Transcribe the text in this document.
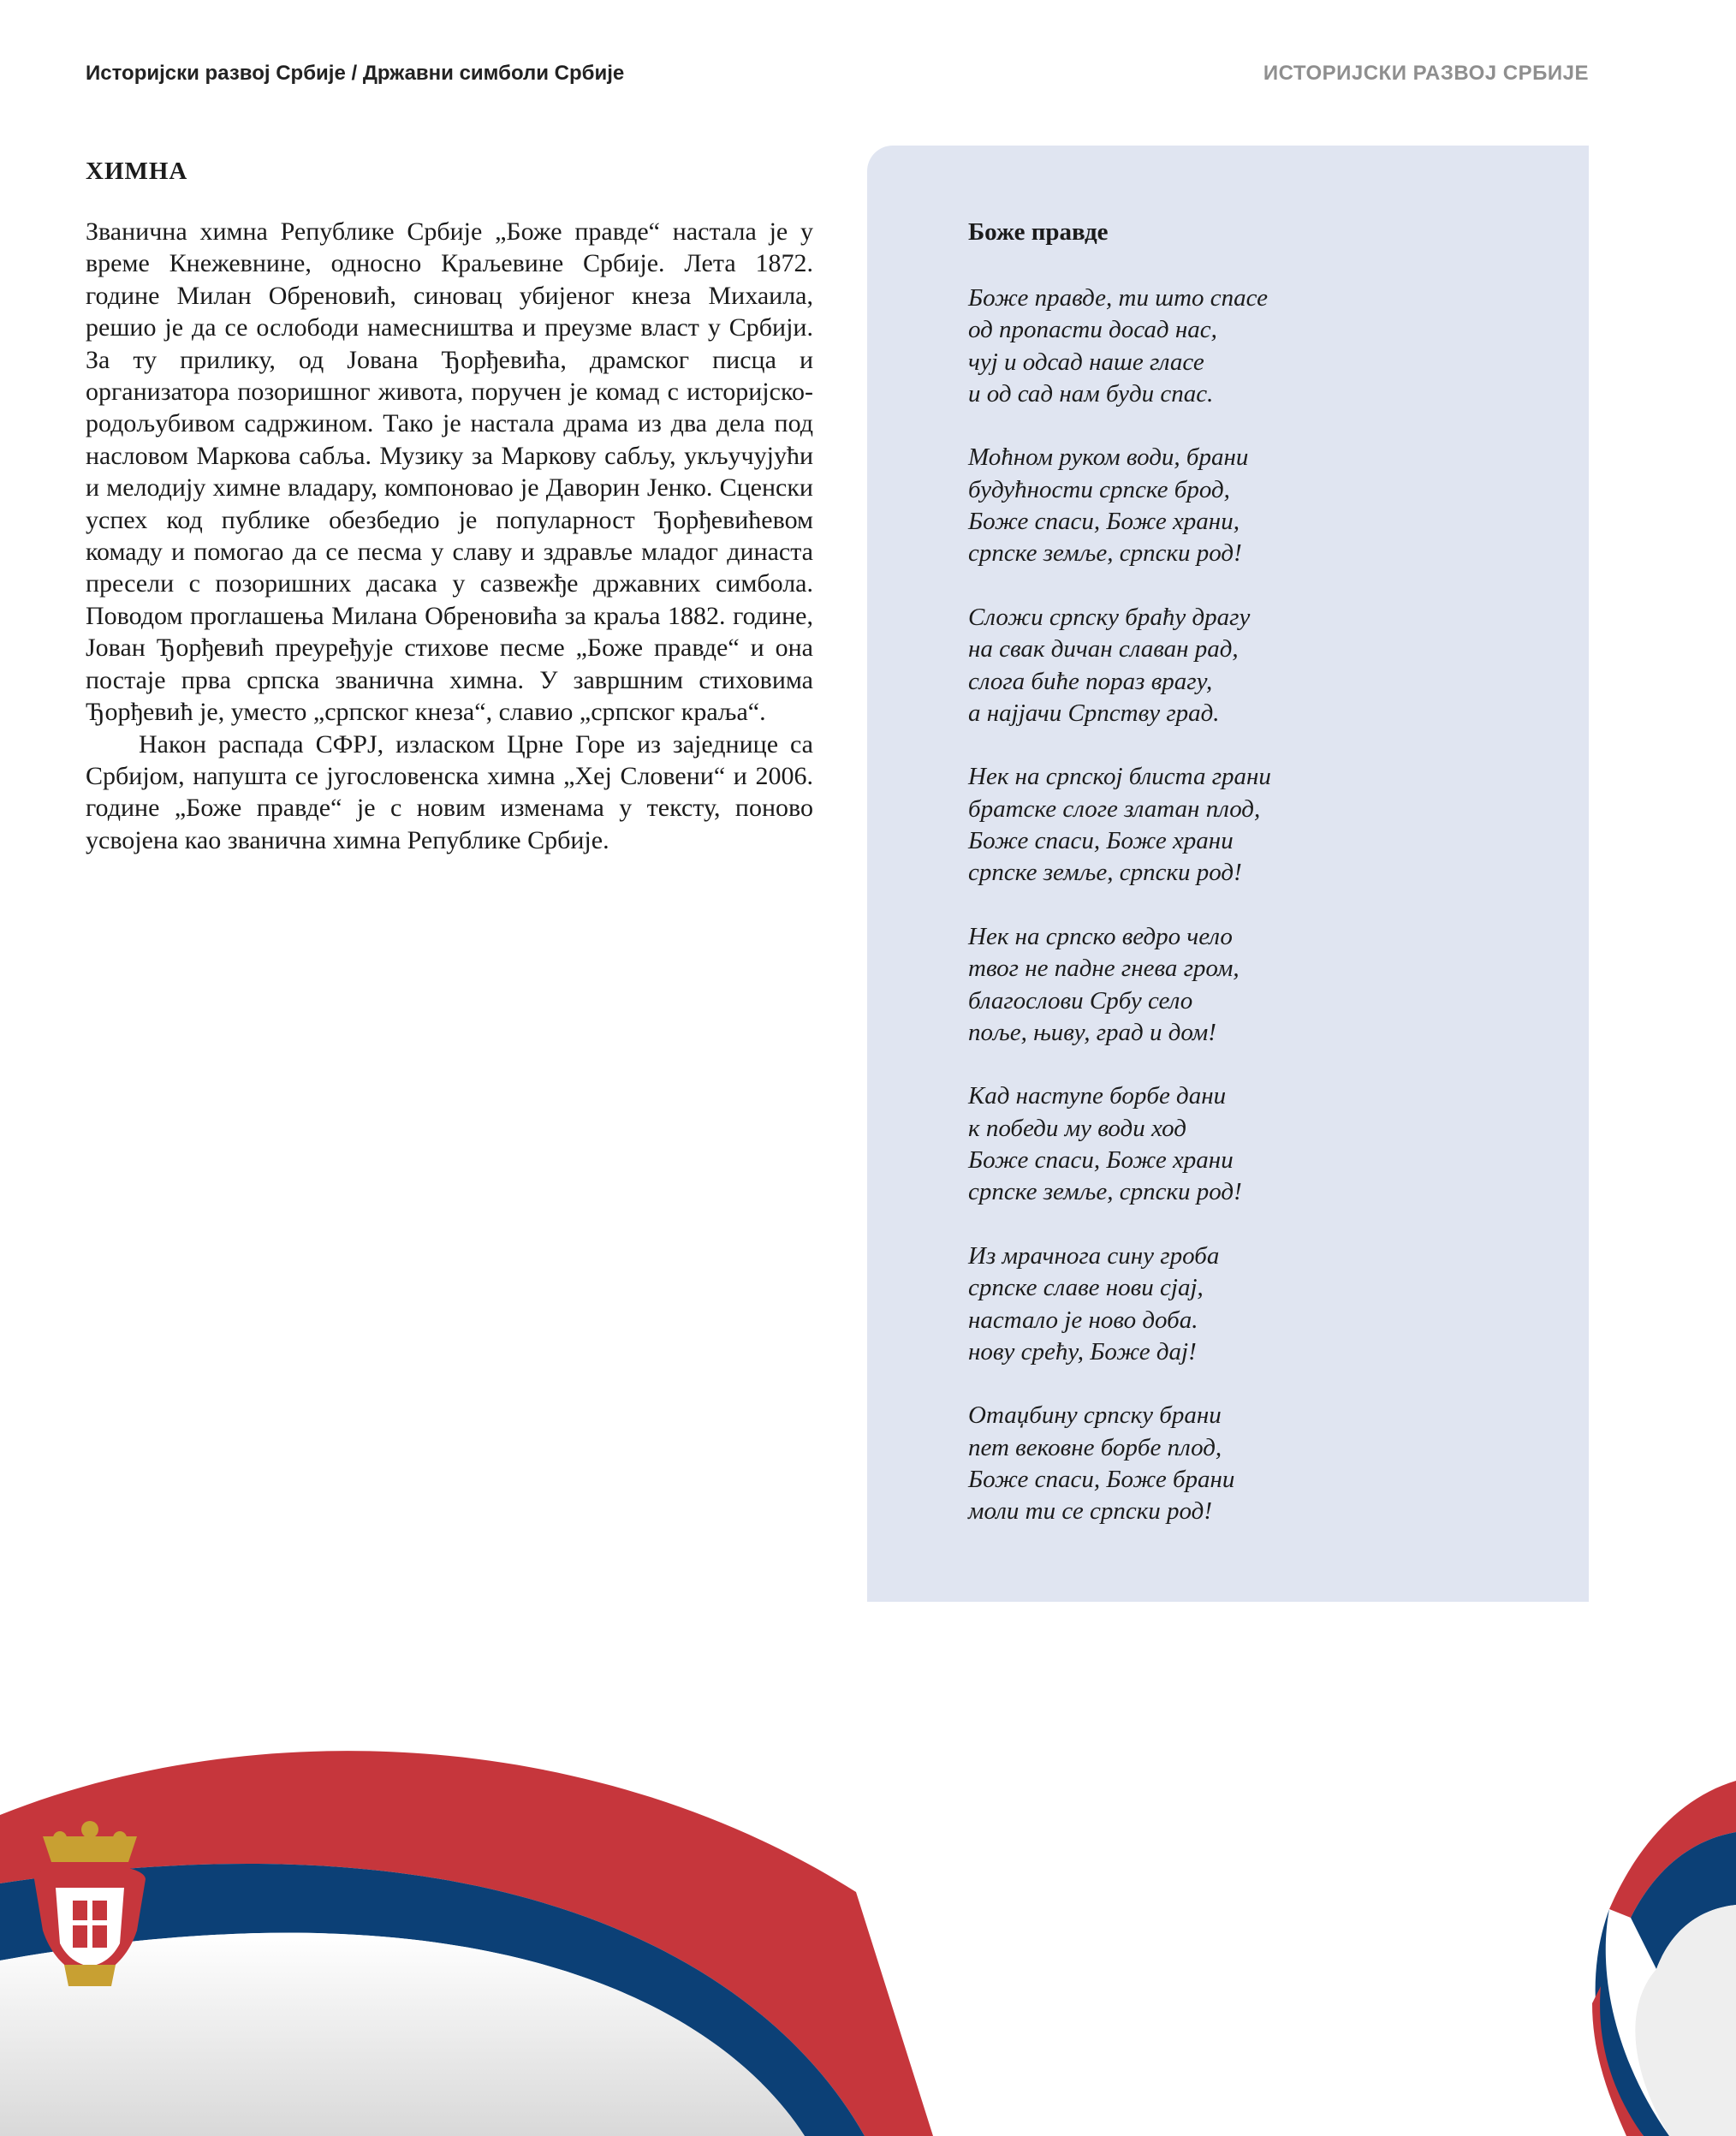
Историјски развој Србије / Државни симболи Србије	ИСТОРИЈСКИ РАЗВОЈ СРБИЈЕ
ХИМНА

Званична химна Републике Србије „Боже правде“ настала је у време Кнежевнине, односно Краљевине Србије. Лета 1872. године Милан Обреновић, синовац убијеног кнеза Михаила, решио је да се ослободи намесништва и преузме власт у Србији. За ту прилику, од Јована Ђорђевића, драмског писца и организатора позоришног живота, поручен је комад с историјско-родољубивом садржином. Тако је настала драма из два дела под насловом Маркова сабља. Музику за Маркову сабљу, укључујући и мелодију химне владару, компоновао је Даворин Јенко. Сценски успех код публике обезбедио је популарност Ђорђевићевом комаду и помогао да се песма у славу и здравље младог династа пресели с позоришних дасака у сазвежђе државних симбола. Поводом проглашења Милана Обреновића за краља 1882. године, Јован Ђорђевић преуређује стихове песме „Боже правде“ и она постаје прва српска званична химна. У завршним стиховима Ђорђевић је, уместо „српског кнеза“, славио „српског краља“.

Након распада СФРЈ, изласком Црне Горе из заједнице са Србијом, напушта се југословенска химна „Хеј Словени“ и 2006. године „Боже правде“ је с новим изменама у тексту, поново усвојена као званична химна Републике Србије.

Боже правде
Боже правде, ти што спасе
од пропасти досад нас,
чуј и одсад наше гласе
и од сад нам буди спас.
Моћном руком води, брани
будућности српске брод,
Боже спаси, Боже храни,
српске земље, српски род!
Сложи српску браћу драгу
на свак дичан славан рад,
слога биће пораз врагу,
а најјачи Српству град.
Нек на српској блиста грани
братске слоге златан плод,
Боже спаси, Боже храни
српске земље, српски род!
Нек на српско ведро чело
твог не падне гнева гром,
благослови Србу село
поље, њиву, град и дом!
Кад наступе борбе дани
к победи му води ход
Боже спаси, Боже храни
српске земље, српски род!
Из мрачнога сину гроба
српске славе нови сјај,
настало је ново доба.
нову срећу, Боже дај!
Отаџбину српску брани
пет вековне борбе плод,
Боже спаси, Боже брани
моли ти се српски род!
